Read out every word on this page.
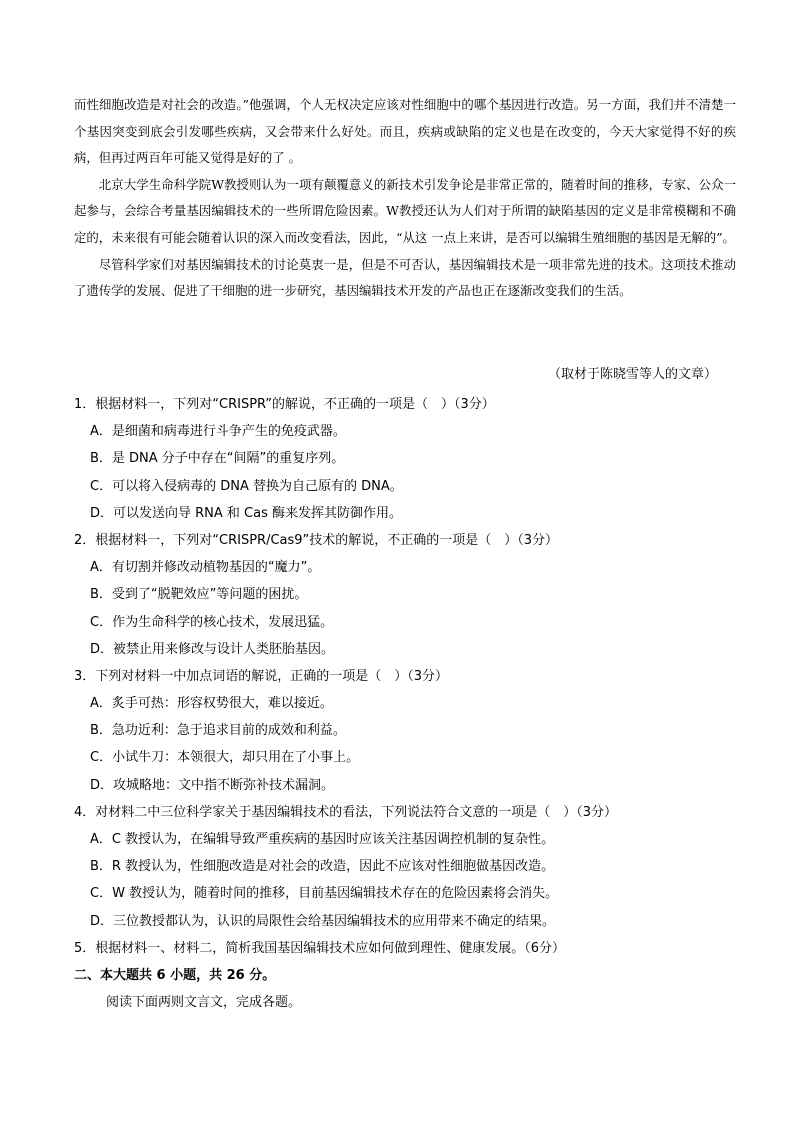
而性细胞改造是对社会的改造。”他强调，个人无权决定应该对性细胞中的哪个基因进行改造。另一方面，我们并不清楚一个基因突变到底会引发哪些疾病，又会带来什么好处。而且，疾病或缺陷的定义也是在改变的，今天大家觉得不好的疾病，但再过两百年可能又觉得是好的了 。

北京大学生命科学院W教授则认为一项有颠覆意义的新技术引发争论是非常正常的，随着时间的推移，专家、公众一起参与，会综合考量基因编辑技术的一些所谓危险因素。W教授还认为人们对于所谓的缺陷基因的定义是非常模糊和不确定的，未来很有可能会随着认识的深入而改变看法，因此，“从这 一点上来讲，是否可以编辑生殖细胞的基因是无解的”。

尽管科学家们对基因编辑技术的讨论莫衷一是，但是不可否认，基因编辑技术是一项非常先进的技术。这项技术推动了遗传学的发展、促进了干细胞的进一步研究，基因编辑技术开发的产品也正在逐渐改变我们的生活。

（取材于陈晓雪等人的文章）
1．根据材料一，下列对“CRISPR”的解说，不正确的一项是（　）（3分）
A．是细菌和病毒进行斗争产生的免疫武器。
B．是 DNA 分子中存在“间隔”的重复序列。
C．可以将入侵病毒的 DNA 替换为自己原有的 DNA。
D．可以发送向导 RNA 和 Cas 酶来发挥其防御作用。
2．根据材料一，下列对“CRISPR/Cas9”技术的解说，不正确的一项是（　）（3分）
A．有切割并修改动植物基因的“魔力”。
B．受到了“脱靶效应”等问题的困扰。
C．作为生命科学的核心技术，发展迅猛。
D．被禁止用来修改与设计人类胚胎基因。
3．下列对材料一中加点词语的解说，正确的一项是（　）（3分）
A．炙手可热：形容权势很大，难以接近。
B．急功近利：急于追求目前的成效和利益。
C．小试牛刀：本领很大，却只用在了小事上。
D．攻城略地：文中指不断弥补技术漏洞。
4．对材料二中三位科学家关于基因编辑技术的看法，下列说法符合文意的一项是（　）（3分）
A．C 教授认为，在编辑导致严重疾病的基因时应该关注基因调控机制的复杂性。
B．R 教授认为，性细胞改造是对社会的改造，因此不应该对性细胞做基因改造。
C．W 教授认为，随着时间的推移，目前基因编辑技术存在的危险因素将会消失。
D．三位教授都认为，认识的局限性会给基因编辑技术的应用带来不确定的结果。
5．根据材料一、材料二，简析我国基因编辑技术应如何做到理性、健康发展。（6分）
二、本大题共 6 小题，共 26 分。
阅读下面两则文言文，完成各题。
